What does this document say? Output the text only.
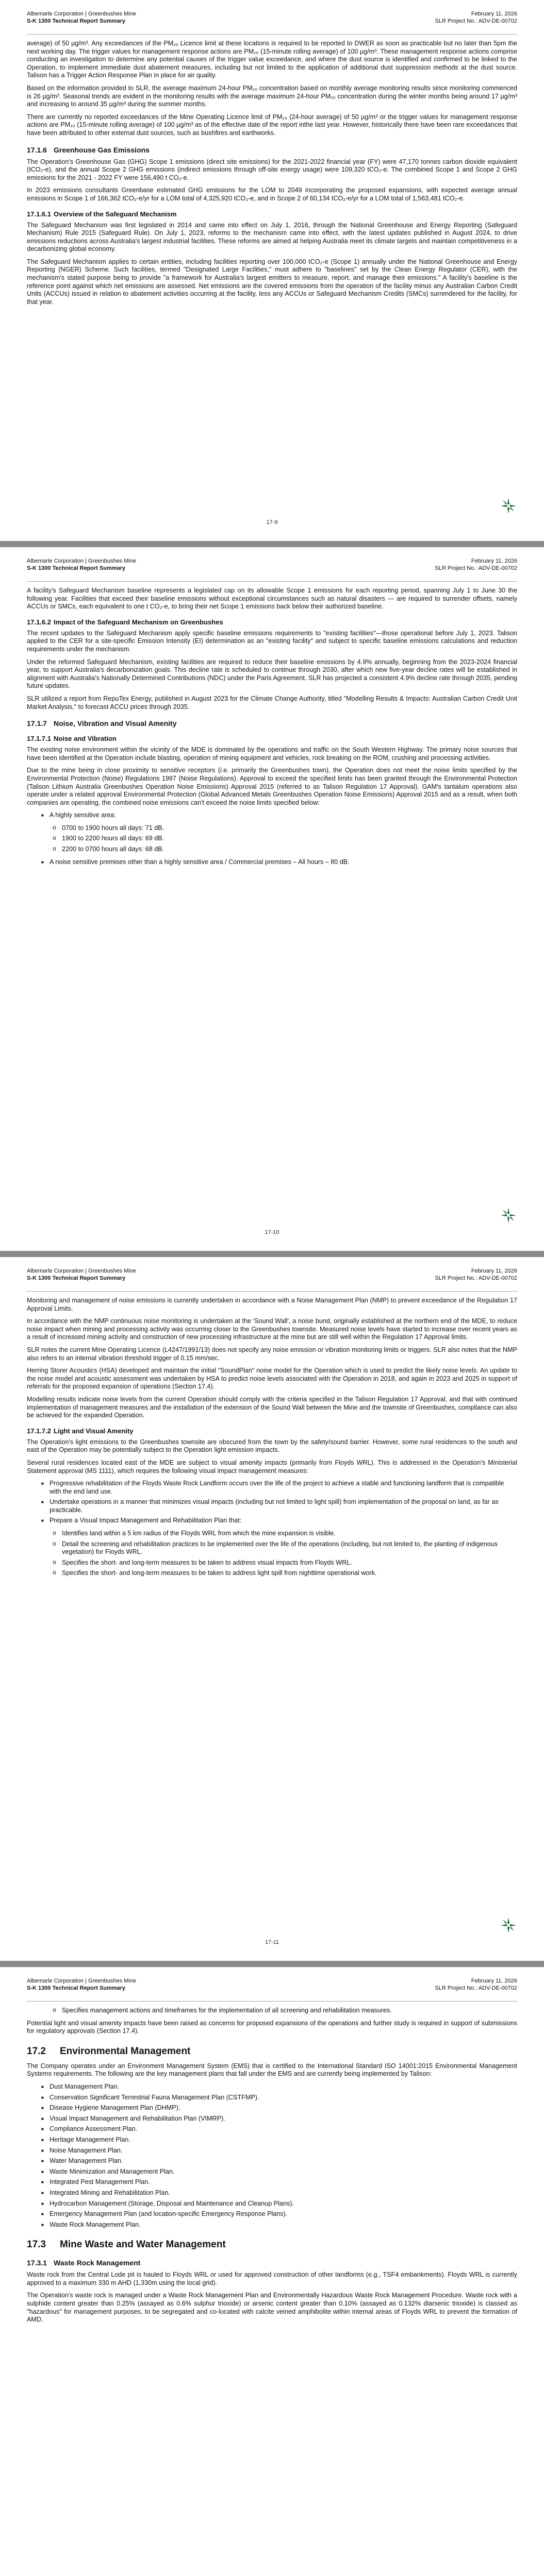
Albemarle Corporation | Greenbushes Mine
S-K 1300 Technical Report Summary
February 11, 2026
SLR Project No.: ADV-DE-00702

average) of 50 µg/m³. Any exceedances of the PM₁₀ Licence limit at these locations is required to be reported to DWER as soon as practicable but no later than 5pm the next working day. The trigger values for management response actions are PM₁₀ (15-minute rolling average) of 100 µg/m³. These management response actions comprise conducting an investigation to determine any potential causes of the trigger value exceedance, and where the dust source is identified and confirmed to be linked to the Operation, to implement immediate dust abatement measures, including but not limited to the application of additional dust suppression methods at the dust source. Talison has a Trigger Action Response Plan in place for air quality.

Based on the information provided to SLR, the average maximum 24-hour PM₁₀ concentration based on monthly average monitoring results since monitoring commenced is 26 µg/m³. Seasonal trends are evident in the monitoring results with the average maximum 24-hour PM₁₀ concentration during the winter months being around 17 µg/m³ and increasing to around 35 µg/m³ during the summer months.

There are currently no reported exceedances of the Mine Operating Licence limit of PM₁₀ (24-hour average) of 50 µg/m³ or the trigger values for management response actions are PM₁₀ (15-minute rolling average) of 100 µg/m³ as of the effective date of the report inthe last year. However, historically there have been rare exceedances that have been attributed to other external dust sources, such as bushfires and earthworks.

17.1.6 Greenhouse Gas Emissions

The Operation's Greenhouse Gas (GHG) Scope 1 emissions (direct site emissions) for the 2021-2022 financial year (FY) were 47,170 tonnes carbon dioxide equivalent (tCO₂-e), and the annual Scope 2 GHG emissions (indirect emissions through off-site energy usage) were 109,320 tCO₂-e. The combined Scope 1 and Scope 2 GHG emissions for the 2021 - 2022 FY were 156,490 t CO₂-e.

In 2023 emissions consultants Greenbase estimated GHG emissions for the LOM to 2049 incorporating the proposed expansions, with expected average annual emissions in Scope 1 of 166,362 tCO₂-e/yr for a LOM total of 4,325,920 tCO₂-e, and in Scope 2 of 60,134 tCO₂-e/yr for a LOM total of 1,563,481 tCO₂-e.

17.1.6.1 Overview of the Safeguard Mechanism

The Safeguard Mechanism was first legislated in 2014 and came into effect on July 1, 2016, through the National Greenhouse and Energy Reporting (Safeguard Mechanism) Rule 2015 (Safeguard Rule). On July 1, 2023, reforms to the mechanism came into effect, with the latest updates published in August 2024, to drive emissions reductions across Australia's largest industrial facilities. These reforms are aimed at helping Australia meet its climate targets and maintain competitiveness in a decarbonizing global economy.

The Safeguard Mechanism applies to certain entities, including facilities reporting over 100,000 tCO₂-e (Scope 1) annually under the National Greenhouse and Energy Reporting (NGER) Scheme. Such facilities, termed "Designated Large Facilities," must adhere to "baselines" set by the Clean Energy Regulator (CER), with the mechanism's stated purpose being to provide "a framework for Australia's largest emitters to measure, report, and manage their emissions." A facility's baseline is the reference point against which net emissions are assessed. Net emissions are the covered emissions from the operation of the facility minus any Australian Carbon Credit Units (ACCUs) issued in relation to abatement activities occurring at the facility, less any ACCUs or Safeguard Mechanism Credits (SMCs) surrendered for the facility, for that year.

17-9
Albemarle Corporation | Greenbushes Mine
S-K 1300 Technical Report Summary
February 11, 2026
SLR Project No.: ADV-DE-00702

A facility's Safeguard Mechanism baseline represents a legislated cap on its allowable Scope 1 emissions for each reporting period, spanning July 1 to June 30 the following year. Facilities that exceed their baseline emissions without exceptional circumstances such as natural disasters — are required to surrender offsets, namely ACCUs or SMCs, each equivalent to one t CO₂-e, to bring their net Scope 1 emissions back below their authorized baseline.

17.1.6.2 Impact of the Safeguard Mechanism on Greenbushes

The recent updates to the Safeguard Mechanism apply specific baseline emissions requirements to "existing facilities"—those operational before July 1, 2023. Talison applied to the CER for a site-specific Emission Intensity (EI) determination as an "existing facility" and subject to specific baseline emissions calculations and reduction requirements under the mechanism.

Under the reformed Safeguard Mechanism, existing facilities are required to reduce their baseline emissions by 4.9% annually, beginning from the 2023-2024 financial year, to support Australia's decarbonization goals. This decline rate is scheduled to continue through 2030, after which new five-year decline rates will be established in alignment with Australia's Nationally Determined Contributions (NDC) under the Paris Agreement. SLR has projected a consistent 4.9% decline rate through 2035, pending future updates.

SLR utilized a report from RepuTex Energy, published in August 2023 for the Climate Change Authority, titled "Modelling Results & Impacts: Australian Carbon Credit Unit Market Analysis," to forecast ACCU prices through 2035.

17.1.7 Noise, Vibration and Visual Amenity
17.1.7.1 Noise and Vibration

The existing noise environment within the vicinity of the MDE is dominated by the operations and traffic on the South Western Highway. The primary noise sources that have been identified at the Operation include blasting, operation of mining equipment and vehicles, rock breaking on the ROM, crushing and processing activities.

Due to the mine being in close proximity to sensitive receptors (i.e. primarily the Greenbushes town), the Operation does not meet the noise limits specified by the Environmental Protection (Noise) Regulations 1997 (Noise Regulations). Approval to exceed the specified limits has been granted through the Environmental Protection (Talison Lithium Australia Greenbushes Operation Noise Emissions) Approval 2015 (referred to as Talison Regulation 17 Approval). GAM's tantalum operations also operate under a related approval Environmental Protection (Global Advanced Metals Greenbushes Operation Noise Emissions) Approval 2015 and as a result, when both companies are operating, the combined noise emissions can't exceed the noise limits specified below:

■ A highly sensitive area:
o 0700 to 1900 hours all days: 71 dB.
o 1900 to 2200 hours all days: 69 dB.
o 2200 to 0700 hours all days: 68 dB.
■ A noise sensitive premises other than a highly sensitive area / Commercial premises – All hours – 80 dB.
17-10
Albemarle Corporation | Greenbushes Mine
S-K 1300 Technical Report Summary
February 11, 2026
SLR Project No.: ADV-DE-00702

Monitoring and management of noise emissions is currently undertaken in accordance with a Noise Management Plan (NMP) to prevent exceedance of the Regulation 17 Approval Limits.

In accordance with the NMP continuous noise monitoring is undertaken at the 'Sound Wall', a noise bund, originally established at the northern end of the MDE, to reduce noise impact when mining and processing activity was occurring closer to the Greenbushes townsite. Measured noise levels have started to increase over recent years as a result of increased mining activity and construction of new processing infrastructure at the mine but are still well within the Regulation 17 Approval limits.

SLR notes the current Mine Operating Licence (L4247/1991/13) does not specify any noise emission or vibration monitoring limits or triggers. SLR also notes that the NMP also refers to an internal vibration threshold trigger of 0.15 mm/sec.

Herring Storer Acoustics (HSA) developed and maintain the initial "SoundPlan" noise model for the Operation which is used to predict the likely noise levels. An update to the noise model and acoustic assessment was undertaken by HSA to predict noise levels associated with the Operation in 2018, and again in 2023 and 2025 in support of referrals for the proposed expansion of operations (Section 17.4).

Modelling results indicate noise levels from the current Operation should comply with the criteria specified in the Talison Regulation 17 Approval, and that with continued implementation of management measures and the installation of the extension of the Sound Wall between the Mine and the townsite of Greenbushes, compliance can also be achieved for the expanded Operation.

17.1.7.2 Light and Visual Amenity

The Operation's light emissions to the Greenbushes townsite are obscured from the town by the safety/sound barrier. However, some rural residences to the south and east of the Operation may be potentially subject to the Operation light emission impacts.

Several rural residences located east of the MDE are subject to visual amenity impacts (primarily from Floyds WRL). This is addressed in the Operation's Ministerial Statement approval (MS 1111), which requires the following visual impact management measures:

■ Progressive rehabilitation of the Floyds Waste Rock Landform occurs over the life of the project to achieve a stable and functioning landform that is compatible with the end land use.
■ Undertake operations in a manner that minimizes visual impacts (including but not limited to light spill) from implementation of the proposal on land, as far as practicable.
■ Prepare a Visual Impact Management and Rehabilitation Plan that:
o Identifies land within a 5 km radius of the Floyds WRL from which the mine expansion is visible.
o Detail the screening and rehabilitation practices to be implemented over the life of the operations (including, but not limited to, the planting of indigenous vegetation) for Floyds WRL.
o Specifies the short- and long-term measures to be taken to address visual impacts from Floyds WRL.
o Specifies the short- and long-term measures to be taken to address light spill from nighttime operational work.
17-11
Albemarle Corporation | Greenbushes Mine
S-K 1300 Technical Report Summary
February 11, 2026
SLR Project No.: ADV-DE-00702
o Specifies management actions and timeframes for the implementation of all screening and rehabilitation measures.

Potential light and visual amenity impacts have been raised as concerns for proposed expansions of the operations and further study is required in support of submissions for regulatory approvals (Section 17.4).

17.2 Environmental Management

The Company operates under an Environment Management System (EMS) that is certified to the International Standard ISO 14001:2015 Environmental Management Systems requirements. The following are the key management plans that fall under the EMS and are currently being implemented by Talison:

■ Dust Management Plan.
■ Conservation Significant Terrestrial Fauna Management Plan (CSTFMP).
■ Disease Hygiene Management Plan (DHMP).
■ Visual Impact Management and Rehabilitation Plan (VIMRP).
■ Compliance Assessment Plan.
■ Heritage Management Plan.
■ Noise Management Plan.
■ Water Management Plan.
■ Waste Minimization and Management Plan.
■ Integrated Pest Management Plan.
■ Integrated Mining and Rehabilitation Plan.
■ Hydrocarbon Management (Storage, Disposal and Maintenance and Cleanup Plans).
■ Emergency Management Plan (and location-specific Emergency Response Plans).
■ Waste Rock Management Plan.
17.3 Mine Waste and Water Management
17.3.1 Waste Rock Management

Waste rock from the Central Lode pit is hauled to Floyds WRL or used for approved construction of other landforms (e.g., TSF4 embankments). Floyds WRL is currently approved to a maximum 330 m AHD (1,330m using the local grid).

The Operation's waste rock is managed under a Waste Rock Management Plan and Environmentally Hazardous Waste Rock Management Procedure. Waste rock with a sulphide content greater than 0.25% (assayed as 0.6% sulphur trioxide) or arsenic content greater than 0.10% (assayed as 0.132% diarsenic trioxide) is classed as "hazardous" for management purposes, to be segregated and co-located with calcite veined amphibolite within internal areas of Floyds WRL to prevent the formation of AMD.
